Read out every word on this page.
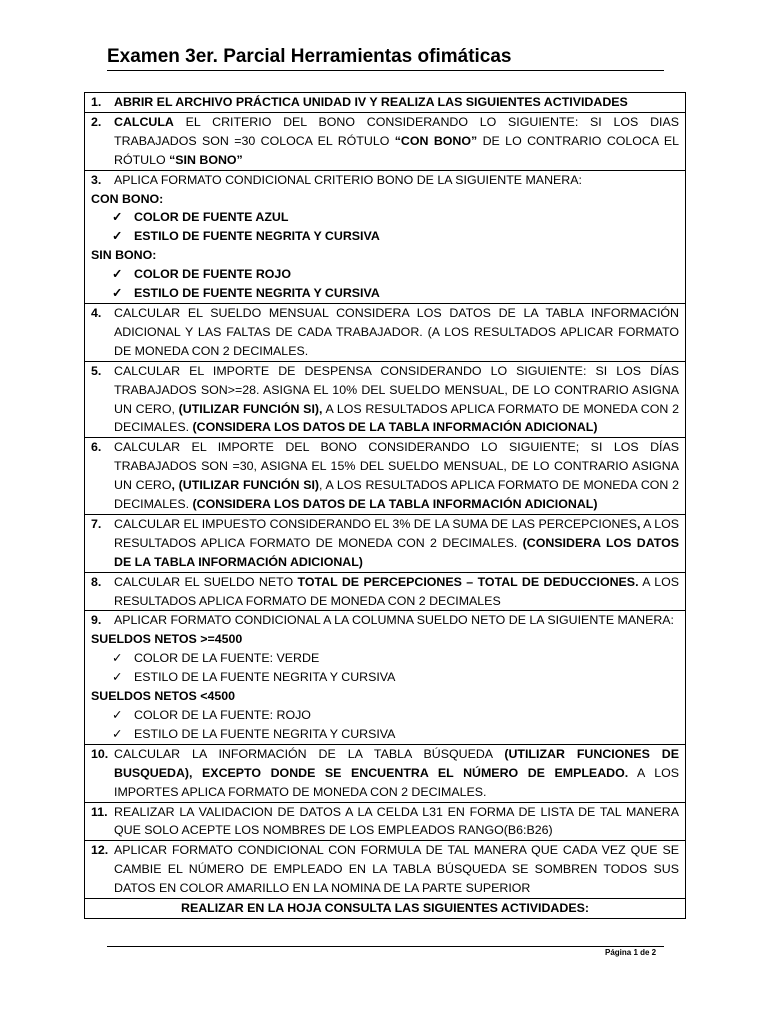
Examen 3er. Parcial Herramientas ofimáticas
1.	ABRIR EL ARCHIVO PRÁCTICA UNIDAD IV Y REALIZA LAS SIGUIENTES ACTIVIDADES

2.	CALCULA EL CRITERIO DEL BONO CONSIDERANDO LO SIGUIENTE: SI LOS DIAS TRABAJADOS SON =30 COLOCA EL RÓTULO “CON BONO” DE LO CONTRARIO COLOCA EL RÓTULO “SIN BONO”

3.	APLICA FORMATO CONDICIONAL CRITERIO BONO DE LA SIGUIENTE MANERA:
CON BONO:
✓ COLOR DE FUENTE AZUL
✓ ESTILO DE FUENTE NEGRITA Y CURSIVA
SIN BONO:
✓ COLOR DE FUENTE ROJO
✓ ESTILO DE FUENTE NEGRITA Y CURSIVA

4.	CALCULAR EL SUELDO MENSUAL CONSIDERA LOS DATOS DE LA TABLA INFORMACIÓN ADICIONAL Y LAS FALTAS DE CADA TRABAJADOR. (A LOS RESULTADOS APLICAR FORMATO DE MONEDA CON 2 DECIMALES.

5.	CALCULAR EL IMPORTE DE DESPENSA CONSIDERANDO LO SIGUIENTE: SI LOS DÍAS TRABAJADOS SON>=28. ASIGNA EL 10% DEL SUELDO MENSUAL, DE LO CONTRARIO ASIGNA UN CERO, (UTILIZAR FUNCIÓN SI), A LOS RESULTADOS APLICA FORMATO DE MONEDA CON 2 DECIMALES. (CONSIDERA LOS DATOS DE LA TABLA INFORMACIÓN ADICIONAL)

6.	CALCULAR EL IMPORTE DEL BONO CONSIDERANDO LO SIGUIENTE; SI LOS DÍAS TRABAJADOS SON =30, ASIGNA EL 15% DEL SUELDO MENSUAL, DE LO CONTRARIO ASIGNA UN CERO, (UTILIZAR FUNCIÓN SI), A LOS RESULTADOS APLICA FORMATO DE MONEDA CON 2 DECIMALES. (CONSIDERA LOS DATOS DE LA TABLA INFORMACIÓN ADICIONAL)

7.	CALCULAR EL IMPUESTO CONSIDERANDO EL 3% DE LA SUMA DE LAS PERCEPCIONES, A LOS RESULTADOS APLICA FORMATO DE MONEDA CON 2 DECIMALES. (CONSIDERA LOS DATOS DE LA TABLA INFORMACIÓN ADICIONAL)

8.	CALCULAR EL SUELDO NETO TOTAL DE PERCEPCIONES – TOTAL DE DEDUCCIONES. A LOS RESULTADOS APLICA FORMATO DE MONEDA CON 2 DECIMALES

9.	APLICAR FORMATO CONDICIONAL A LA COLUMNA SUELDO NETO DE LA SIGUIENTE MANERA:
SUELDOS NETOS >=4500
✓ COLOR DE LA FUENTE: VERDE
✓ ESTILO DE LA FUENTE NEGRITA Y CURSIVA
SUELDOS NETOS <4500
✓ COLOR DE LA FUENTE: ROJO
✓ ESTILO DE LA FUENTE NEGRITA Y CURSIVA

10. CALCULAR LA INFORMACIÓN DE LA TABLA BÚSQUEDA (UTILIZAR FUNCIONES DE BUSQUEDA), EXCEPTO DONDE SE ENCUENTRA EL NÚMERO DE EMPLEADO. A LOS IMPORTES APLICA FORMATO DE MONEDA CON 2 DECIMALES.

11. REALIZAR LA VALIDACION DE DATOS A LA CELDA L31 EN FORMA DE LISTA DE TAL MANERA QUE SOLO ACEPTE LOS NOMBRES DE LOS EMPLEADOS RANGO(B6:B26)

12. APLICAR FORMATO CONDICIONAL CON FORMULA DE TAL MANERA QUE CADA VEZ QUE SE CAMBIE EL NÚMERO DE EMPLEADO EN LA TABLA BÚSQUEDA SE SOMBREN TODOS SUS DATOS EN COLOR AMARILLO EN LA NOMINA DE LA PARTE SUPERIOR

REALIZAR EN LA HOJA CONSULTA LAS SIGUIENTES ACTIVIDADES:
Página 1 de 2
